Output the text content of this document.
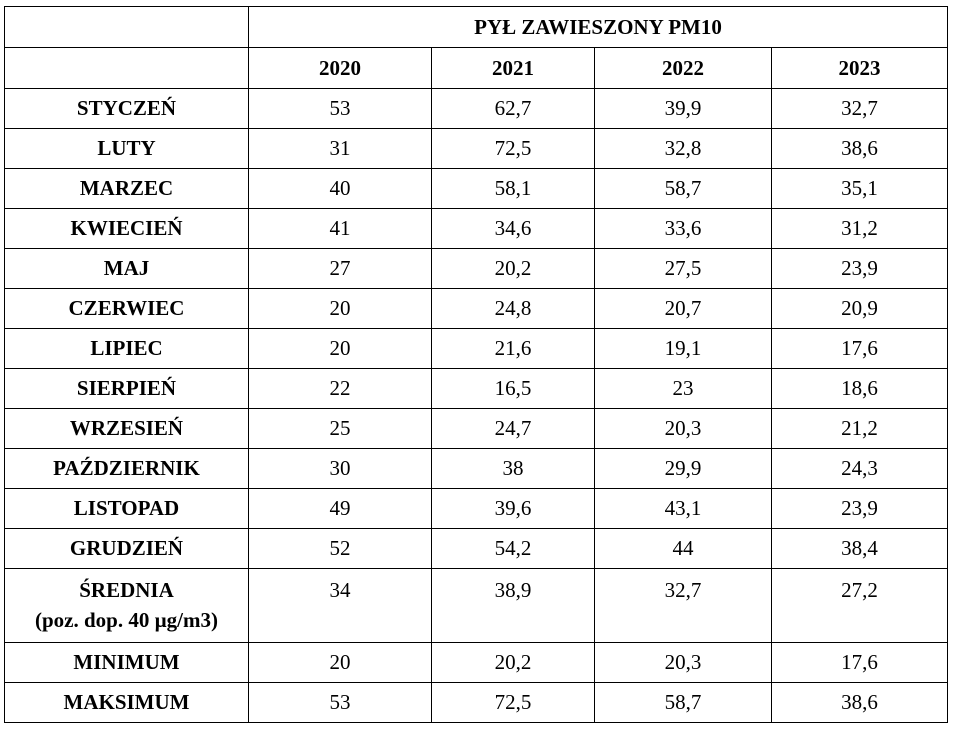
	PYŁ ZAWIESZONY PM10			
	2020	2021	2022	2023
STYCZEŃ	53	62,7	39,9	32,7
LUTY	31	72,5	32,8	38,6
MARZEC	40	58,1	58,7	35,1
KWIECIEŃ	41	34,6	33,6	31,2
MAJ	27	20,2	27,5	23,9
CZERWIEC	20	24,8	20,7	20,9
LIPIEC	20	21,6	19,1	17,6
SIERPIEŃ	22	16,5	23	18,6
WRZESIEŃ	25	24,7	20,3	21,2
PAŹDZIERNIK	30	38	29,9	24,3
LISTOPAD	49	39,6	43,1	23,9
GRUDZIEŃ	52	54,2	44	38,4

ŚREDNIA
(poz. dop. 40 µg/m3)	34	38,9	32,7	27,2
MINIMUM	20	20,2	20,3	17,6
MAKSIMUM	53	72,5	58,7	38,6
